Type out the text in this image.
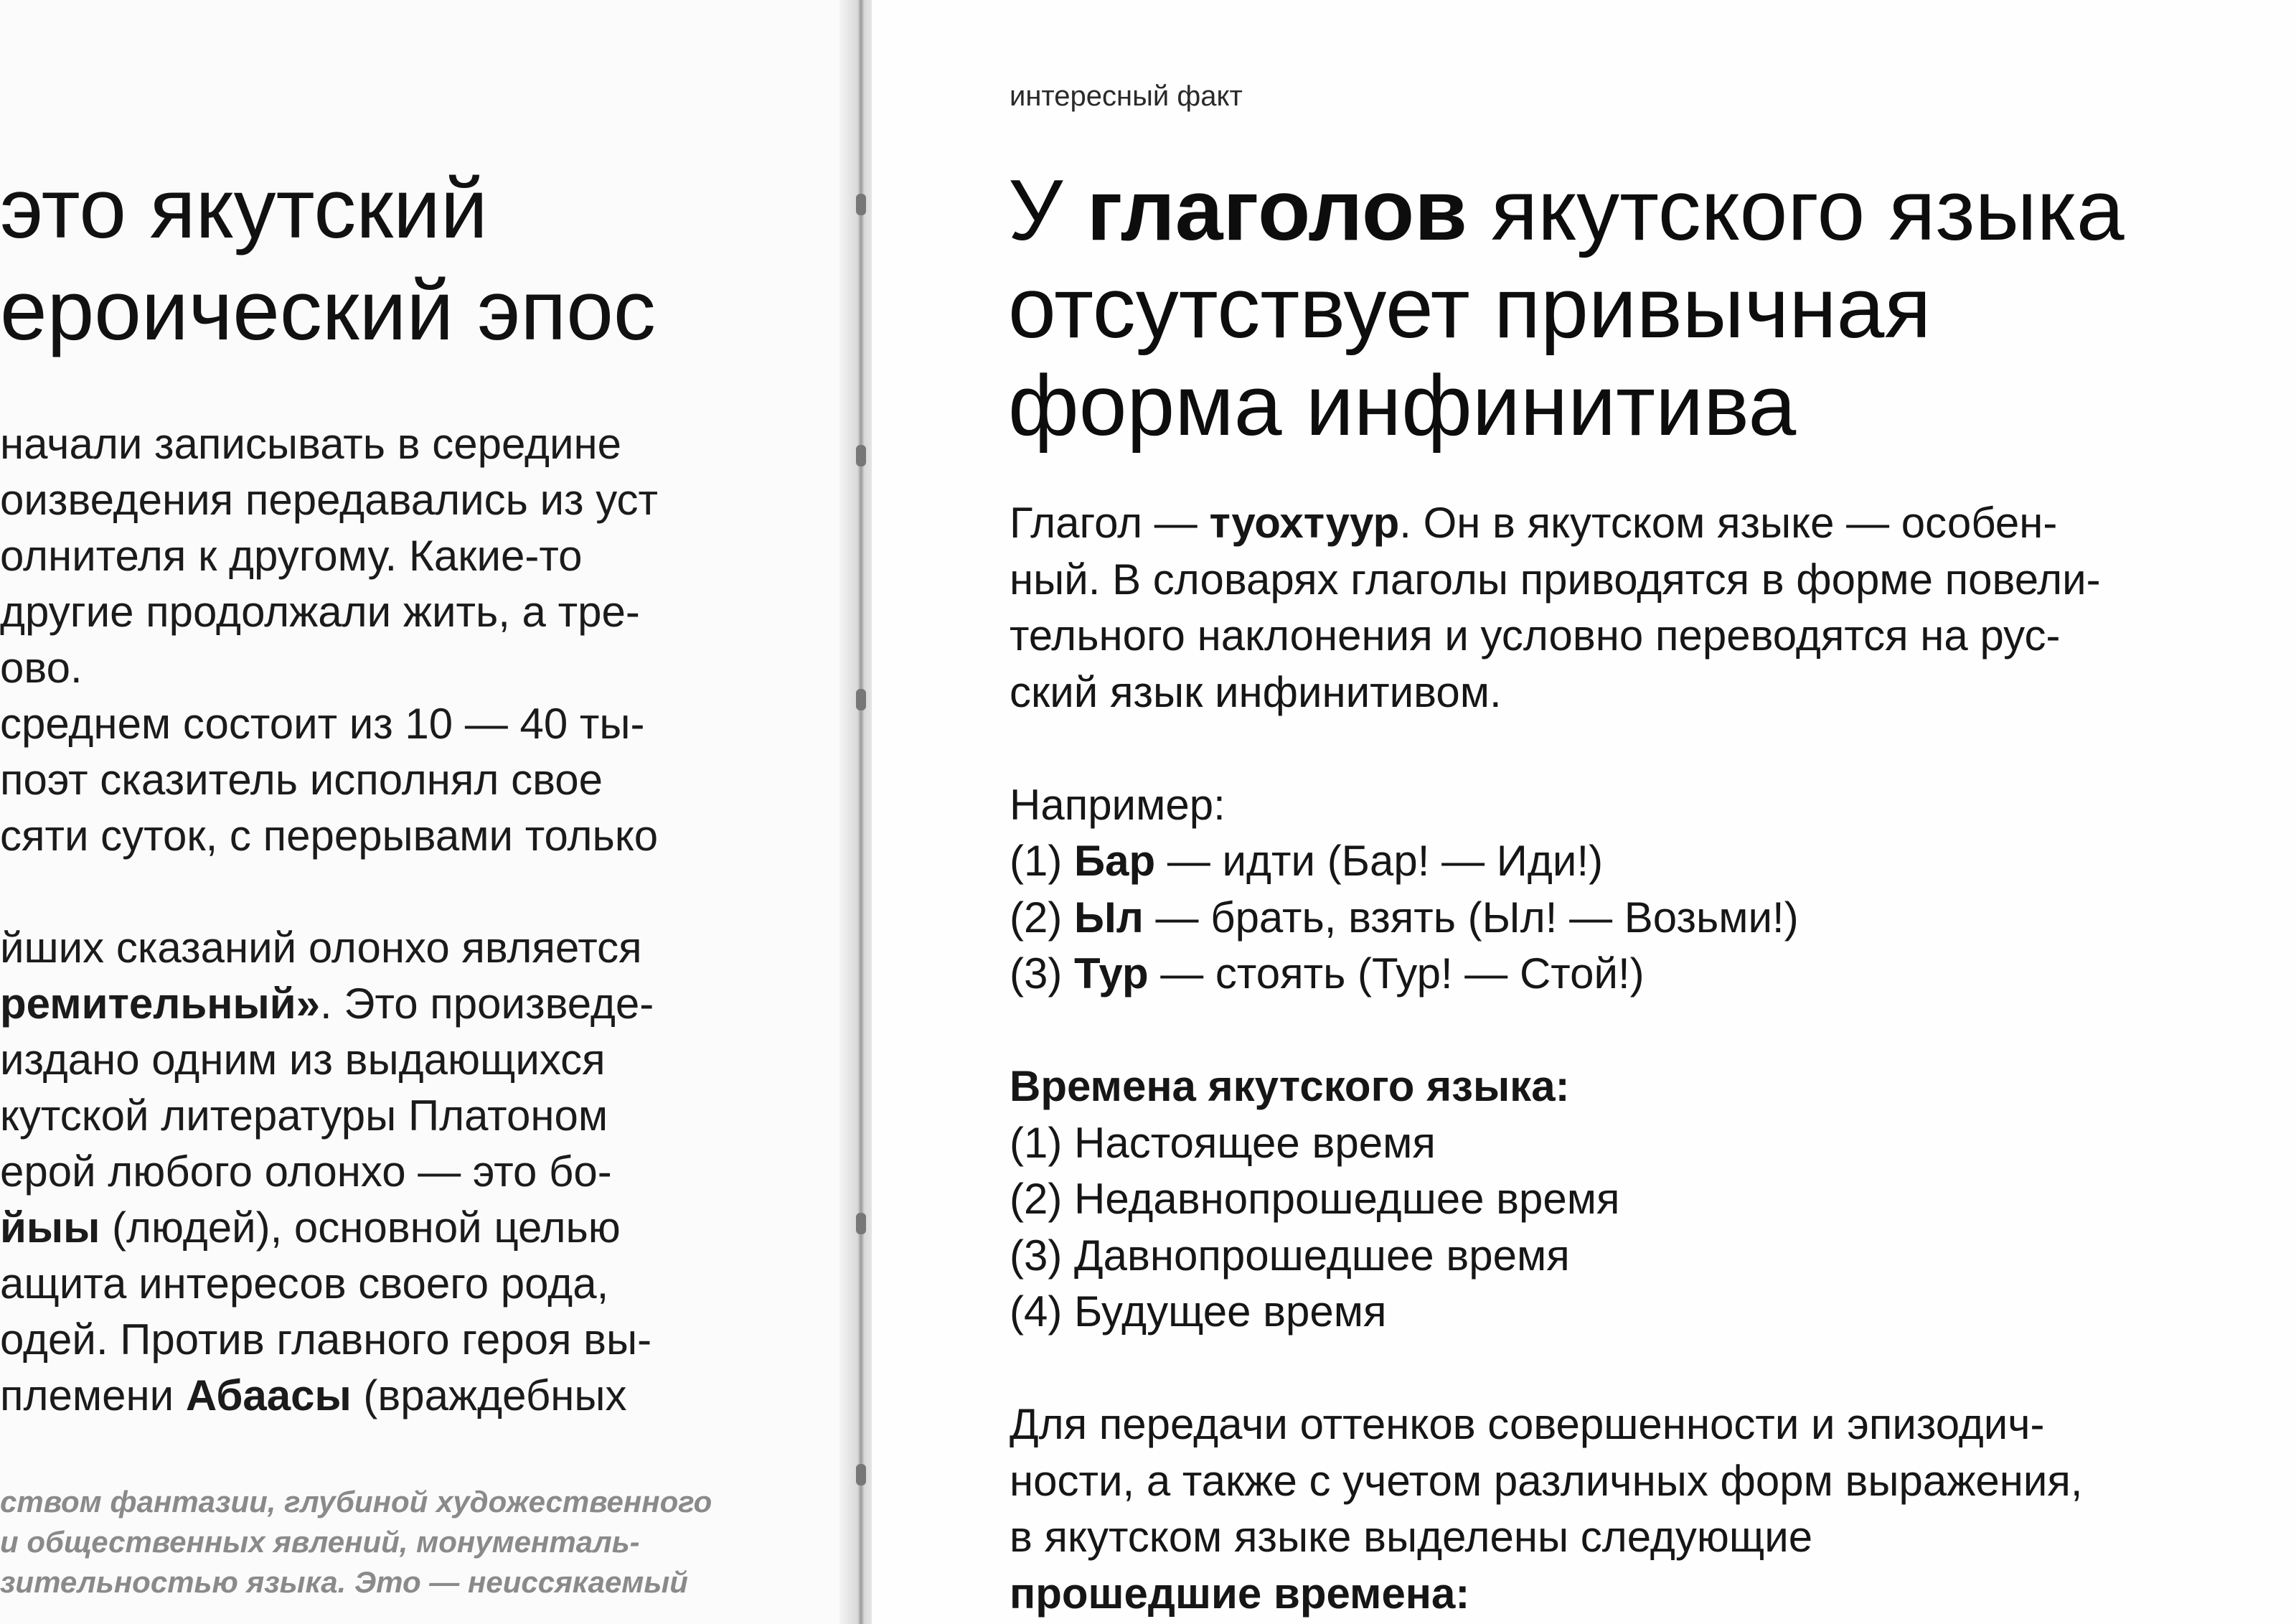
это якутский
ероический эпос
начали записывать в середине
оизведения передавались из уст
олнителя к другому. Какие-то
другие продолжали жить, а тре-
ово.
среднем состоит из 10 — 40 ты-
поэт сказитель исполнял свое
сяти суток, с перерывами только
йших сказаний олонхо является
ремительный». Это произведе-
издано одним из выдающихся
кутской литературы Платоном
ерой любого олонхо — это бо-
йыы (людей), основной целью
ащита интересов своего рода,
одей. Против главного героя вы-
племени Абаасы (враждебных
ством фантазии, глубиной художественного
и общественных явлений, монументаль-
зительностью языка. Это — неиссякаемый
интересный факт
У глаголов якутского языка
отсутствует привычная
форма инфинитива
Глагол — туохтуур. Он в якутском языке — особен-
ный. В словарях глаголы приводятся в форме повели-
тельного наклонения и условно переводятся на рус-
ский язык инфинитивом.
Например:
(1) Бар — идти (Бар! — Иди!)
(2) Ыл — брать, взять (Ыл! — Возьми!)
(3) Тур — стоять (Тур! — Стой!)
Времена якутского языка:
(1) Настоящее время
(2) Недавнопрошедшее время
(3) Давнопрошедшее время
(4) Будущее время
Для передачи оттенков совершенности и эпизодич-
ности, а также с учетом различных форм выражения,
в якутском языке выделены следующие
прошедшие времена:
